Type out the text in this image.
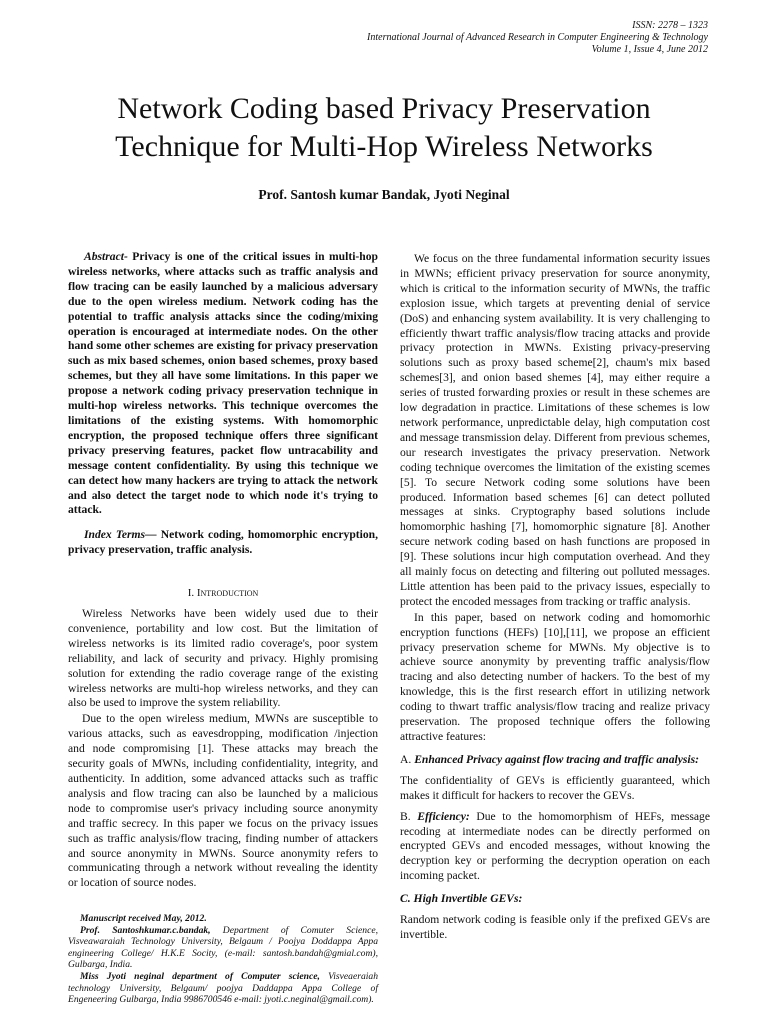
ISSN: 2278 – 1323
International Journal of Advanced Research in Computer Engineering & Technology
Volume 1, Issue 4, June 2012
Network Coding based Privacy Preservation
Technique for Multi-Hop Wireless Networks
Prof. Santosh kumar Bandak, Jyoti Neginal

Abstract- Privacy is one of the critical issues in multi-hop wireless networks, where attacks such as traffic analysis and flow tracing can be easily launched by a malicious adversary due to the open wireless medium. Network coding has the potential to traffic analysis attacks since the coding/mixing operation is encouraged at intermediate nodes. On the other hand some other schemes are existing for privacy preservation such as mix based schemes, onion based schemes, proxy based schemes, but they all have some limitations. In this paper we propose a network coding privacy preservation technique in multi-hop wireless networks. This technique overcomes the limitations of the existing systems. With homomorphic encryption, the proposed technique offers three significant privacy preserving features, packet flow untracability and message content confidentiality. By using this technique we can detect how many hackers are trying to attack the network and also detect the target node to which node it's trying to attack.

Index Terms— Network coding, homomorphic encryption, privacy preservation, traffic analysis.

I. Introduction

Wireless Networks have been widely used due to their convenience, portability and low cost. But the limitation of wireless networks is its limited radio coverage's, poor system reliability, and lack of security and privacy. Highly promising solution for extending the radio coverage range of the existing wireless networks are multi-hop wireless networks, and they can also be used to improve the system reliability.

Due to the open wireless medium, MWNs are susceptible to various attacks, such as eavesdropping, modification /injection and node compromising [1]. These attacks may breach the security goals of MWNs, including confidentiality, integrity, and authenticity. In addition, some advanced attacks such as traffic analysis and flow tracing can also be launched by a malicious node to compromise user's privacy including source anonymity and traffic secrecy. In this paper we focus on the privacy issues such as traffic analysis/flow tracing, finding number of attackers and source anonymity in MWNs. Source anonymity refers to communicating through a network without revealing the identity or location of source nodes.

Manuscript received May, 2012.

Prof. Santoshkumar.c.bandak, Department of Comuter Science, Visveawaraiah Technology University, Belgaum / Poojya Doddappa Appa engineering College/ H.K.E Socity, (e-mail: santosh.bandah@gmial.com), Gulbarga, India.

Miss Jyoti neginal department of Computer science, Visveaeraiah technology University, Belgaum/ poojya Daddappa Appa College of Engeneering Gulbarga, India 9986700546 e-mail: jyoti.c.neginal@gmail.com).

We focus on the three fundamental information security issues in MWNs; efficient privacy preservation for source anonymity, which is critical to the information security of MWNs, the traffic explosion issue, which targets at preventing denial of service (DoS) and enhancing system availability. It is very challenging to efficiently thwart traffic analysis/flow tracing attacks and provide privacy protection in MWNs. Existing privacy-preserving solutions such as proxy based scheme[2], chaum's mix based schemes[3], and onion based shemes [4], may either require a series of trusted forwarding proxies or result in these schemes are low degradation in practice. Limitations of these schemes is low network performance, unpredictable delay, high computation cost and message transmission delay. Different from previous schemes, our research investigates the privacy preservation. Network coding technique overcomes the limitation of the existing scemes [5]. To secure Network coding some solutions have been produced. Information based schemes [6] can detect polluted messages at sinks. Cryptography based solutions include homomorphic hashing [7], homomorphic signature [8]. Another secure network coding based on hash functions are proposed in [9]. These solutions incur high computation overhead. And they all mainly focus on detecting and filtering out polluted messages. Little attention has been paid to the privacy issues, especially to protect the encoded messages from tracking or traffic analysis.

In this paper, based on network coding and homomorhic encryption functions (HEFs) [10],[11], we propose an efficient privacy preservation scheme for MWNs. My objective is to achieve source anonymity by preventing traffic analysis/flow tracing and also detecting number of hackers. To the best of my knowledge, this is the first research effort in utilizing network coding to thwart traffic analysis/flow tracing and realize privacy preservation. The proposed technique offers the following attractive features:

A. Enhanced Privacy against flow tracing and traffic analysis:

The confidentiality of GEVs is efficiently guaranteed, which makes it difficult for hackers to recover the GEVs.

B. Efficiency: Due to the homomorphism of HEFs, message recoding at intermediate nodes can be directly performed on encrypted GEVs and encoded messages, without knowing the decryption key or performing the decryption operation on each incoming packet.

C. High Invertible GEVs:

Random network coding is feasible only if the prefixed GEVs are invertible.
